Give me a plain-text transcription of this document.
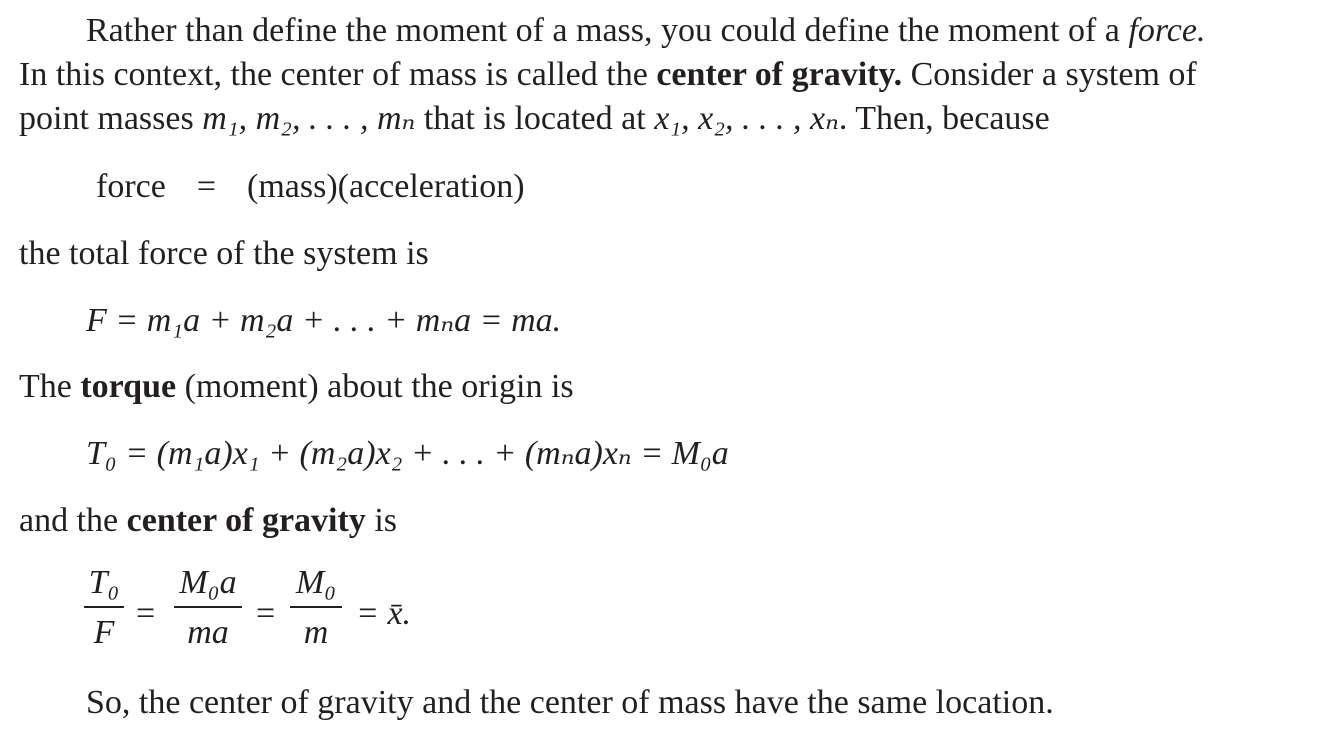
Rather than define the moment of a mass, you could define the moment of a force.
In this context, the center of mass is called the center of gravity. Consider a system of
point masses m₁, m₂, . . . , mₙ that is located at x₁, x₂, . . . , xₙ. Then, because
force = (mass)(acceleration)
the total force of the system is
F = m₁a + m₂a + . . . + mₙa = ma.
The torque (moment) about the origin is
T₀ = (m₁a)x₁ + (m₂a)x₂ + . . . + (mₙa)xₙ = M₀a
and the center of gravity is
T₀
F
=
M₀a
ma
=
M₀
m
= x̄.
So, the center of gravity and the center of mass have the same location.
